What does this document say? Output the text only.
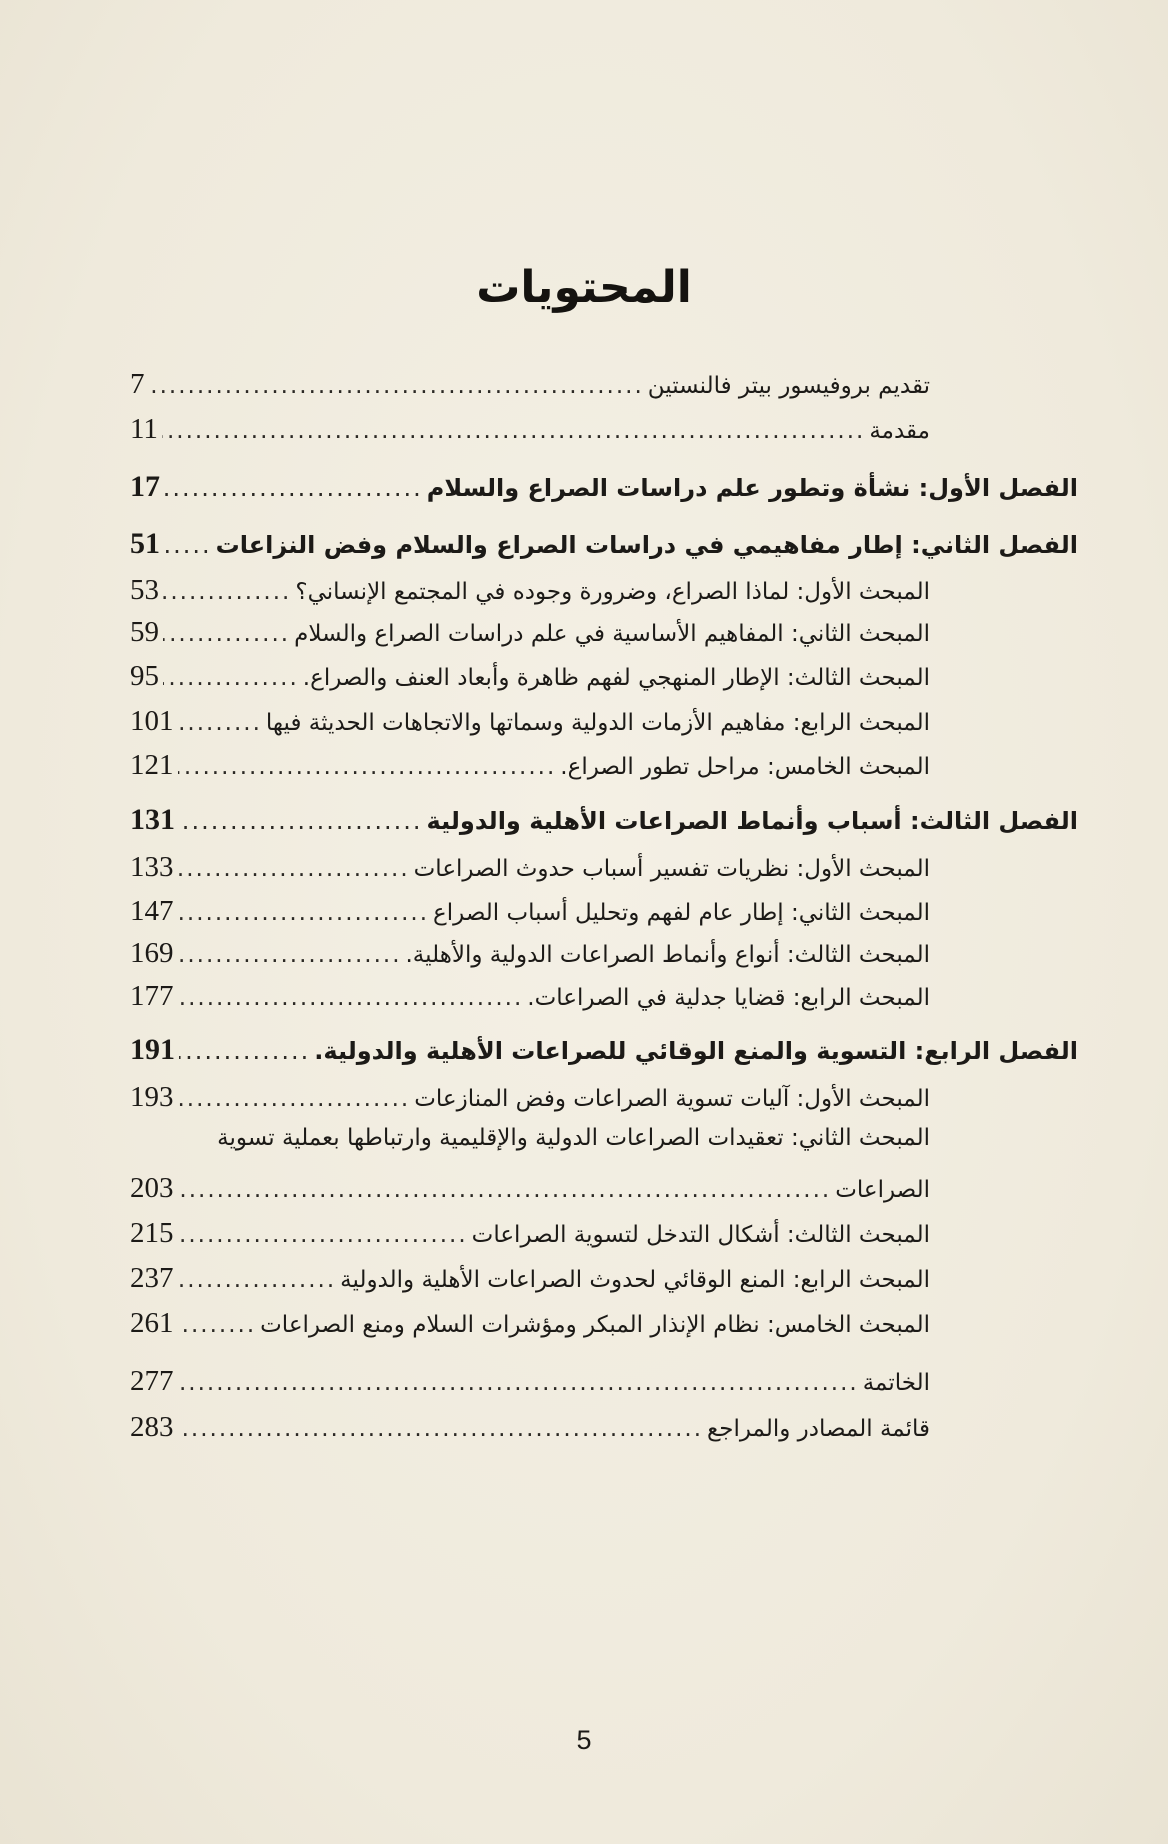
المحتويات
تقديم بروفيسور بيتر فالنستين
.....
7
مقدمة
.....
11
الفصل الأول: نشأة وتطور علم دراسات الصراع والسلام
.....
17
الفصل الثاني: إطار مفاهيمي في دراسات الصراع والسلام وفض النزاعات
.....
51
المبحث الأول: لماذا الصراع، وضرورة وجوده في المجتمع الإنساني؟
.....
53
المبحث الثاني: المفاهيم الأساسية في علم دراسات الصراع والسلام
.....
59
المبحث الثالث: الإطار المنهجي لفهم ظاهرة وأبعاد العنف والصراع.
.....
95
المبحث الرابع: مفاهيم الأزمات الدولية وسماتها والاتجاهات الحديثة فيها
.....
101
المبحث الخامس: مراحل تطور الصراع.
.....
121
الفصل الثالث: أسباب وأنماط الصراعات الأهلية والدولية
.....
131
المبحث الأول: نظريات تفسير أسباب حدوث الصراعات
.....
133
المبحث الثاني: إطار عام لفهم وتحليل أسباب الصراع
.....
147
المبحث الثالث: أنواع وأنماط الصراعات الدولية والأهلية.
.....
169
المبحث الرابع: قضايا جدلية في الصراعات.
.....
177
الفصل الرابع: التسوية والمنع الوقائي للصراعات الأهلية والدولية.
.....
191
المبحث الأول: آليات تسوية الصراعات وفض المنازعات
.....
193
المبحث الثاني: تعقيدات الصراعات الدولية والإقليمية وارتباطها بعملية تسوية
الصراعات
.....
203
المبحث الثالث: أشكال التدخل لتسوية الصراعات
.....
215
المبحث الرابع: المنع الوقائي لحدوث الصراعات الأهلية والدولية
.....
237
المبحث الخامس: نظام الإنذار المبكر ومؤشرات السلام ومنع الصراعات
.....
261
الخاتمة
.....
277
قائمة المصادر والمراجع
.....
283
5
